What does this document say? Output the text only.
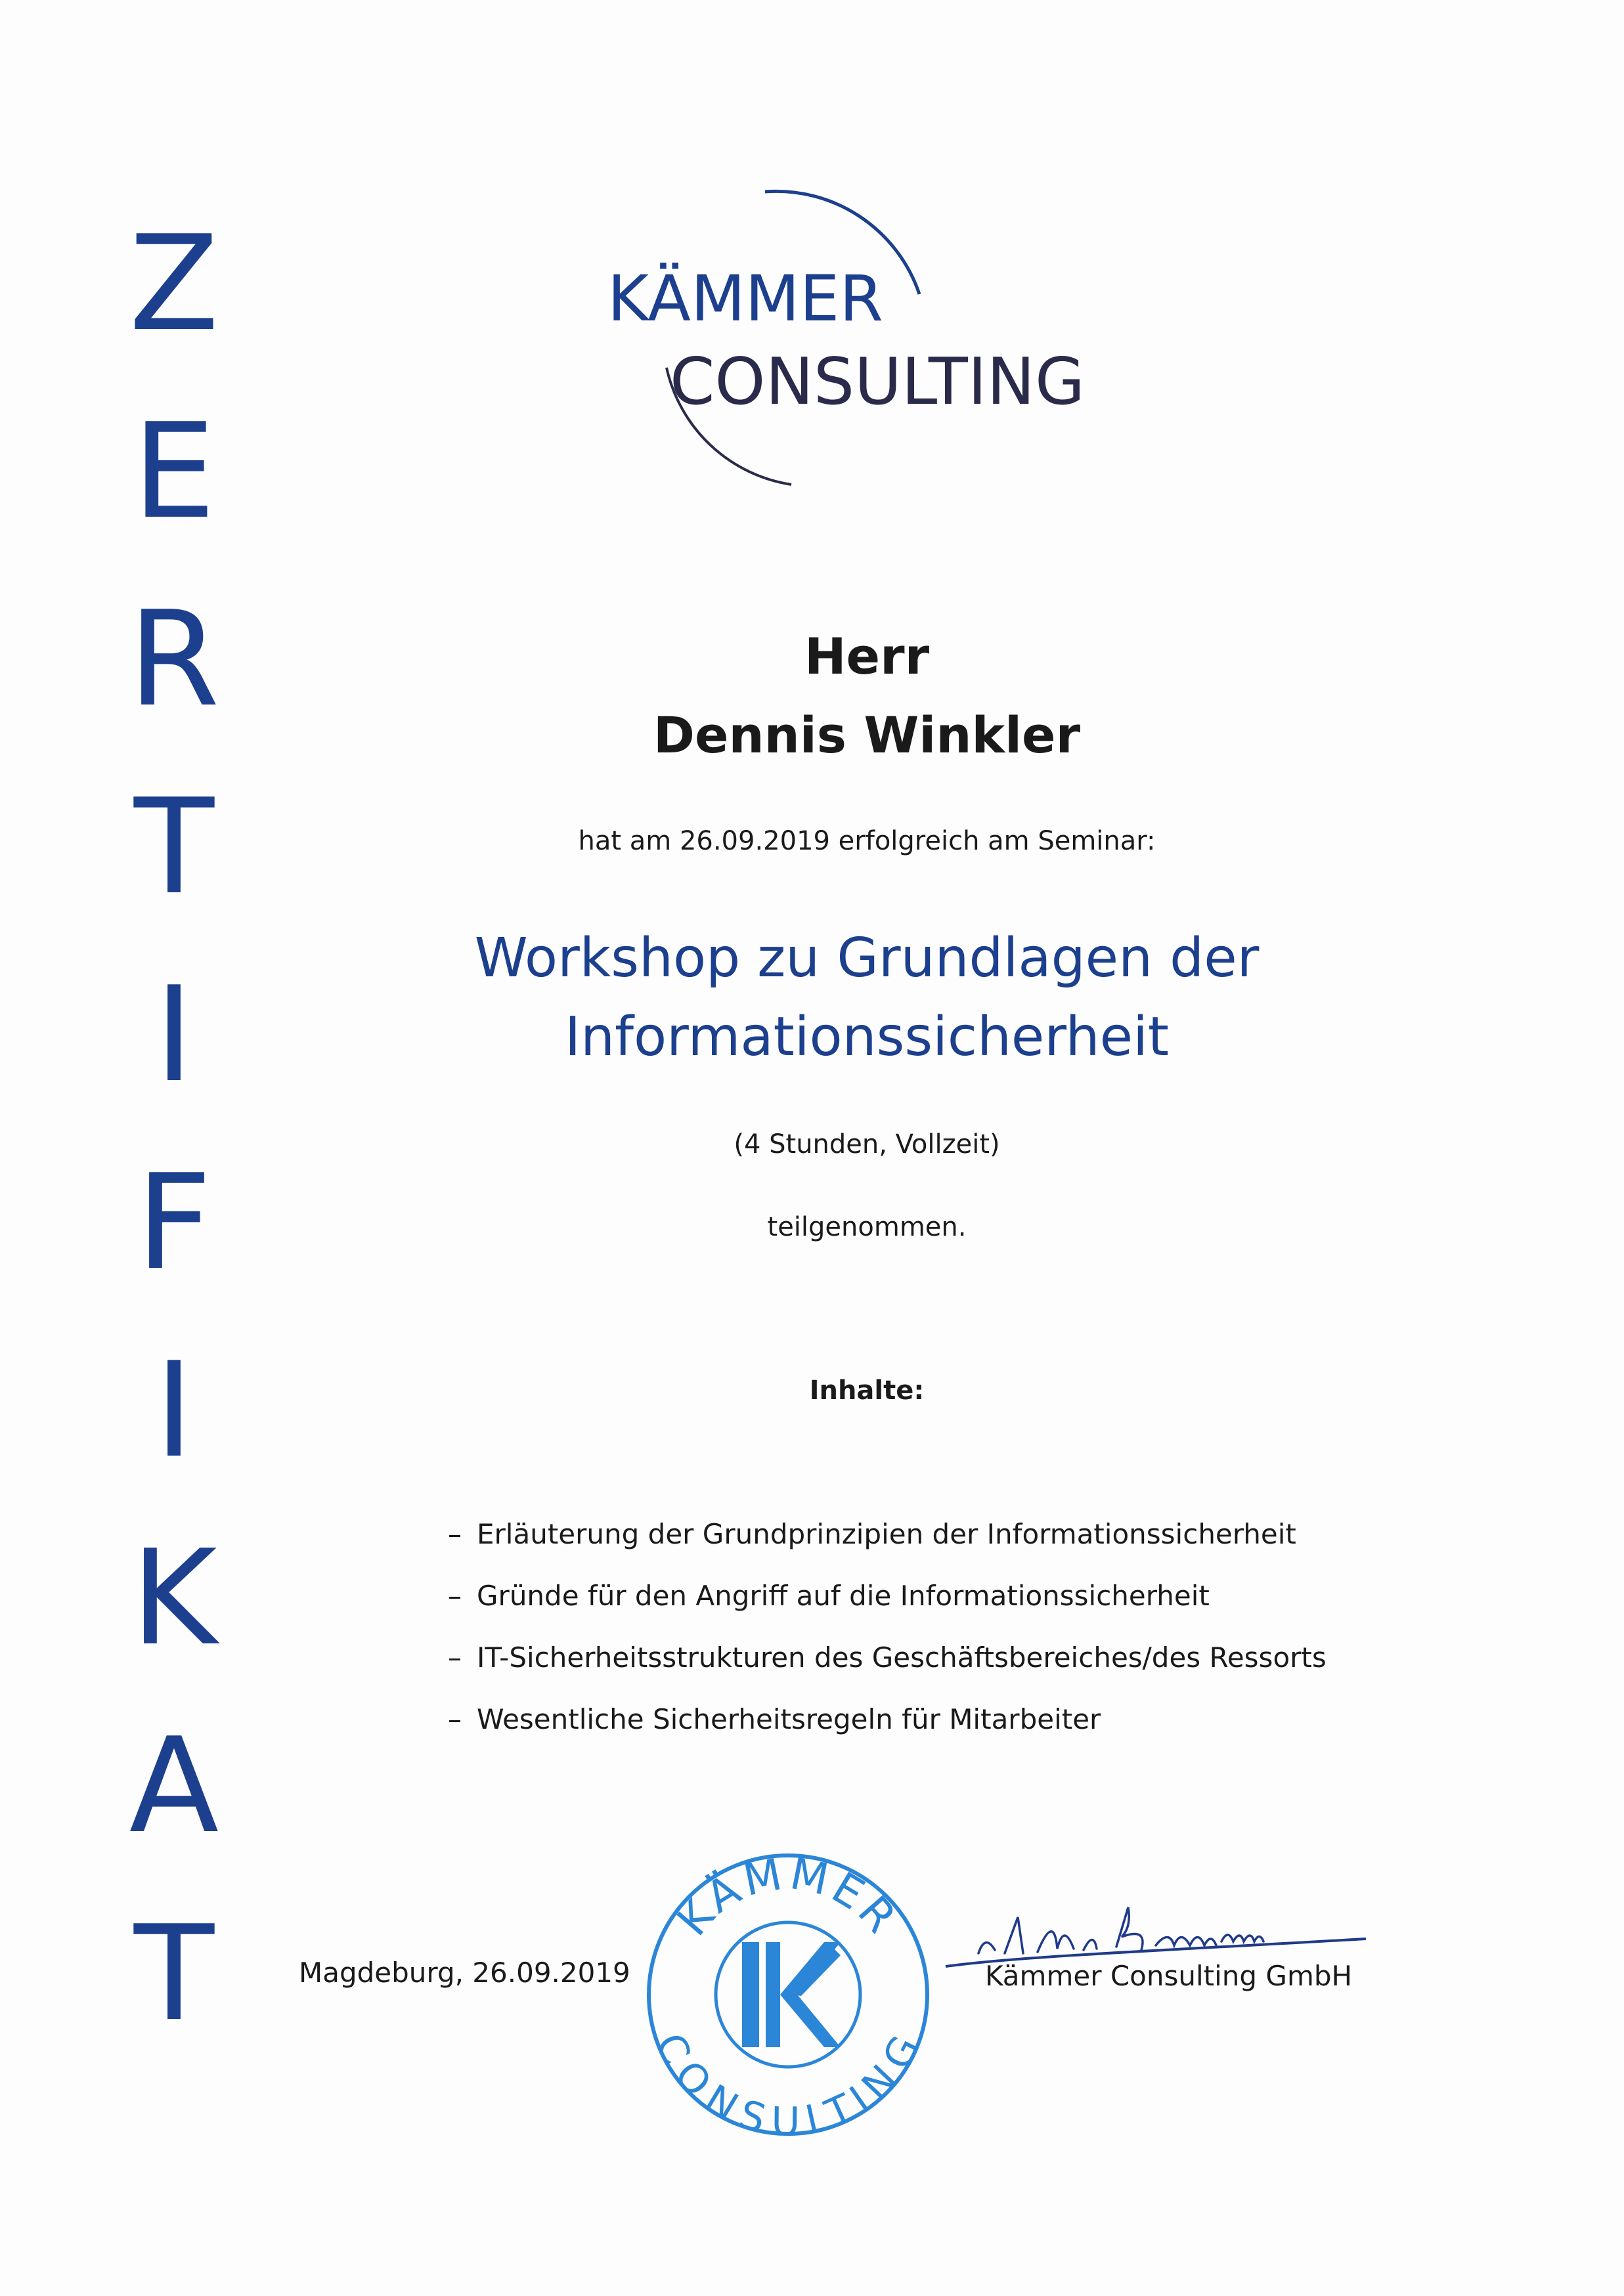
Z
E
R
T
I
F
I
K
A
T
KÄMMER
CONSULTING
Herr
Dennis Winkler
hat am 26.09.2019 erfolgreich am Seminar:
Workshop zu Grundlagen der
Informationssicherheit
(4 Stunden, Vollzeit)
teilgenommen.
Inhalte:
– Erläuterung der Grundprinzipien der Informationssicherheit
– Gründe für den Angriff auf die Informationssicherheit
– IT-Sicherheitsstrukturen des Geschäftsbereiches/des Ressorts
– Wesentliche Sicherheitsregeln für Mitarbeiter
Magdeburg, 26.09.2019
KÄMMER
CONSULTING
Kämmer Consulting GmbH
